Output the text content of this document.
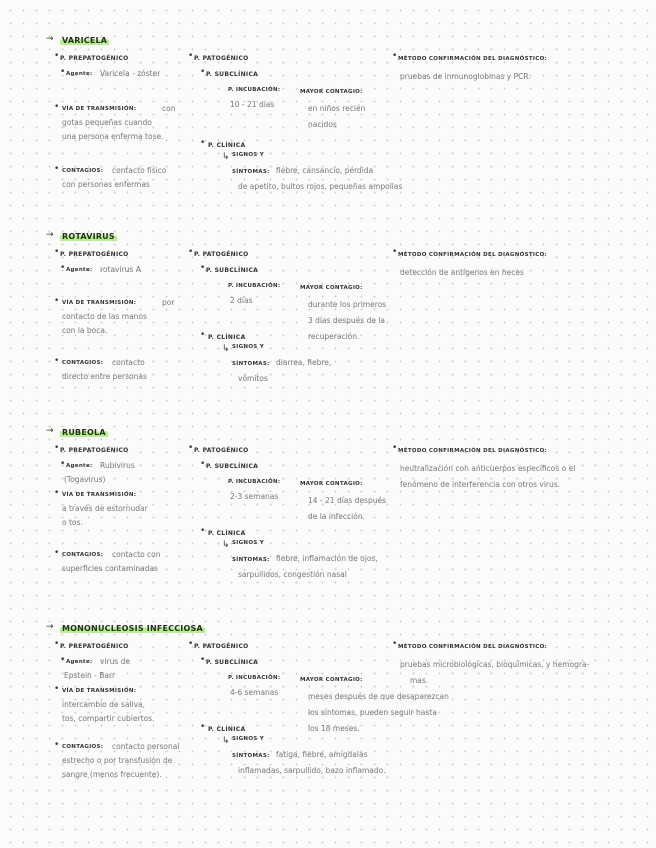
→ VARICELA
• P. PREPATOGÉNICO
• Agente: Varicela - zóster
• VÍA DE TRANSMISIÓN:	con
gotas pequeñas cuando
una persona enferma tose.
• CONTAGIOS: contacto físico
con personas enfermas
• P. PATOGÉNICO
• P. SUBCLÍNICA
P. INCUBACIÓN:
10 - 21 días
MAYOR CONTAGIO:
en niños recién
nacidos
• P. CLÍNICA
↳ SIGNOS Y
SÍNTOMAS: fiebre, cansancio, pérdida
de apetito, bultos rojos, pequeñas ampollas
• MÉTODO CONFIRMACIÓN DEL DIAGNÓSTICO:
pruebas de inmunoglobinas y PCR.
→ ROTAVIRUS
• P. PREPATOGÉNICO
• Agente: rotavirus A
• VÍA DE TRANSMISIÓN:	por
contacto de las manos
con la boca.
• CONTAGIOS: contacto
directo entre personas
• P. PATOGÉNICO
• P. SUBCLÍNICA
P. INCUBACIÓN:
2 días
MAYOR CONTAGIO:
durante los primeros
3 días después de la
recuperación.
• P. CLÍNICA
↳ SIGNOS Y
SÍNTOMAS: diarrea, fiebre,
vómitos
• MÉTODO CONFIRMACIÓN DEL DIAGNÓSTICO:
detección de antígenos en heces
→ RUBEOLA
• P. PREPATOGÉNICO
• Agente: Rubivirus
(Togavirus)
• VÍA DE TRANSMISIÓN:
a través de estornudar
o tos.
• CONTAGIOS: contacto con
superficies contaminadas
• P. PATOGÉNICO
• P. SUBCLÍNICA
P. INCUBACIÓN:
2-3 semanas
MAYOR CONTAGIO:
14 - 21 días después
de la infección.
• P. CLÍNICA
↳ SIGNOS Y
SÍNTOMAS: fiebre, inflamación de ojos,
sarpullidos, congestión nasal
• MÉTODO CONFIRMACIÓN DEL DIAGNÓSTICO:
neutralización con anticuerpos específicos o el
fenómeno de interferencia con otros virus.
→ MONONUCLEOSIS INFECCIOSA
• P. PREPATOGÉNICO
• Agente: virus de
Epstein - Barr
• VÍA DE TRANSMISIÓN:
intercambio de saliva,
tos, compartir cubiertos.
• CONTAGIOS: contacto personal
estrecho o por transfusión de
sangre (menos frecuente).
• P. PATOGÉNICO
• P. SUBCLÍNICA
P. INCUBACIÓN:
4-6 semanas
MAYOR CONTAGIO:
meses después de que desaparezcan
los síntomas, pueden seguir hasta
los 18 meses.
• P. CLÍNICA
↳ SIGNOS Y
SÍNTOMAS: fatiga, fiebre, amígdalas
inflamadas, sarpullido, bazo inflamado.
• MÉTODO CONFIRMACIÓN DEL DIAGNÓSTICO:
pruebas microbiológicas, bioquímicas, y hemogra-
mas.
